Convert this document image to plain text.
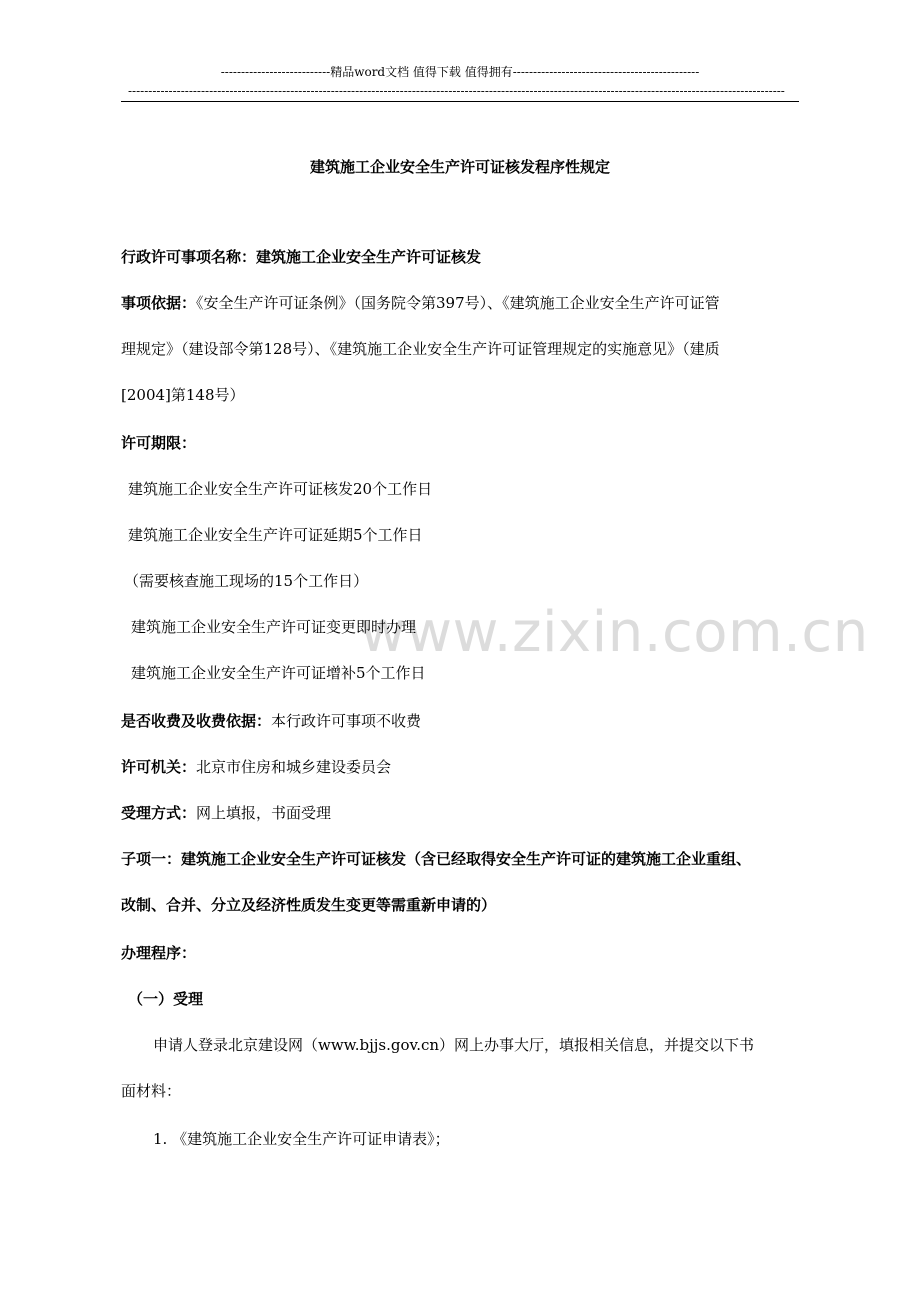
---------------------------精品word文档 值得下载 值得拥有----------------------------------------------
------------------------------------------------------------------------------------------------------------------------------------------------------------------
www.zixin.com.cn
建筑施工企业安全生产许可证核发程序性规定
行政许可事项名称：建筑施工企业安全生产许可证核发
事项依据：《安全生产许可证条例》（国务院令第397号）、《建筑施工企业安全生产许可证管
理规定》（建设部令第128号）、《建筑施工企业安全生产许可证管理规定的实施意见》（建质
[2004]第148号）
许可期限：
建筑施工企业安全生产许可证核发20个工作日
建筑施工企业安全生产许可证延期5个工作日
（需要核查施工现场的15个工作日）
建筑施工企业安全生产许可证变更即时办理
建筑施工企业安全生产许可证增补5个工作日
是否收费及收费依据：本行政许可事项不收费
许可机关：北京市住房和城乡建设委员会
受理方式：网上填报，书面受理
子项一：建筑施工企业安全生产许可证核发（含已经取得安全生产许可证的建筑施工企业重组、
改制、合并、分立及经济性质发生变更等需重新申请的）
办理程序：
（一）受理
申请人登录北京建设网（www.bjjs.gov.cn）网上办事大厅，填报相关信息，并提交以下书
面材料：
1. 《建筑施工企业安全生产许可证申请表》；
